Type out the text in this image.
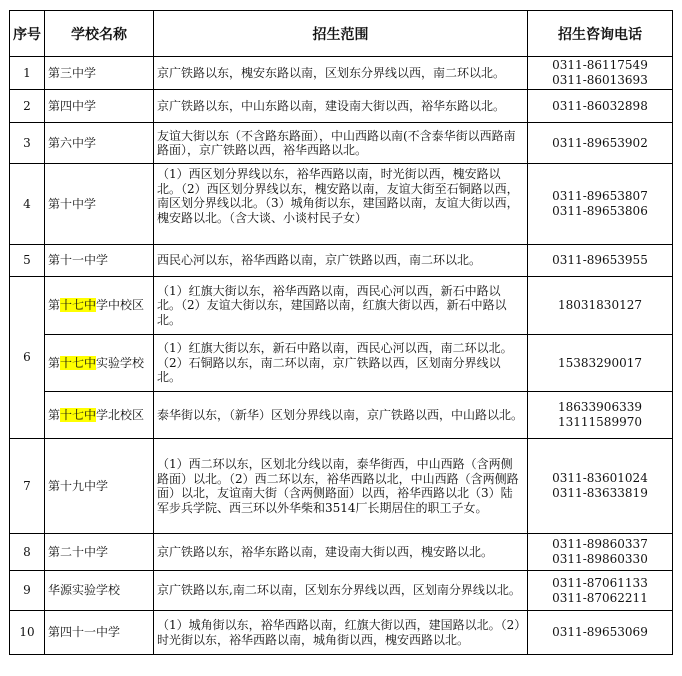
序号	学校名称	招生范围	招生咨询电话
1	第三中学	京广铁路以东，槐安东路以南，区划东分界线以西，南二环以北。	0311-86117549
0311-86013693

2	第四中学	京广铁路以东，中山东路以南，建设南大街以西，裕华东路以北。	0311-86032898

3	第六中学	友谊大街以东（不含路东路面），中山西路以南(不含泰华街以西路南路面），京广铁路以西，裕华西路以北。	0311-89653902

4	第十中学	（1）西区划分界线以东，裕华西路以南，时光街以西，槐安路以北。（2）西区划分界线以东，槐安路以南，友谊大街至石铜路以西，南区划分界线以北。（3）城角街以东，建国路以南，友谊大街以西，槐安路以北。（含大谈、小谈村民子女）	0311-89653807
0311-89653806

5	第十一中学	西民心河以东，裕华西路以南，京广铁路以西，南二环以北。	0311-89653955

6	第十七中学中校区	（1）红旗大街以东，裕华西路以南，西民心河以西，新石中路以北。（2）友谊大街以东，建国路以南，红旗大街以西，新石中路以北。	18031830127

	第十七中实验学校	（1）红旗大街以东，新石中路以南，西民心河以西，南二环以北。（2）石铜路以东，南二环以南，京广铁路以西，区划南分界线以北。	15383290017

	第十七中学北校区	泰华街以东，（新华）区划分界线以南，京广铁路以西，中山路以北。	18633906339
13111589970

7	第十九中学	（1）西二环以东，区划北分线以南，泰华街西，中山西路（含两侧路面）以北。（2）西二环以东，裕华西路以北，中山西路（含两侧路面）以北，友谊南大街（含两侧路面）以西，裕华西路以北（3）陆军步兵学院、西三环以外华柴和3514厂长期居住的职工子女。	0311-83601024
0311-83633819

8	第二十中学	京广铁路以东，裕华东路以南，建设南大街以西，槐安路以北。	0311-89860337
0311-89860330

9	华源实验学校	京广铁路以东,南二环以南，区划东分界线以西，区划南分界线以北。	0311-87061133
0311-87062211

10	第四十一中学	（1）城角街以东，裕华西路以南，红旗大街以西，建国路以北。（2）时光街以东，裕华西路以南，城角街以西，槐安西路以北。	0311-89653069
